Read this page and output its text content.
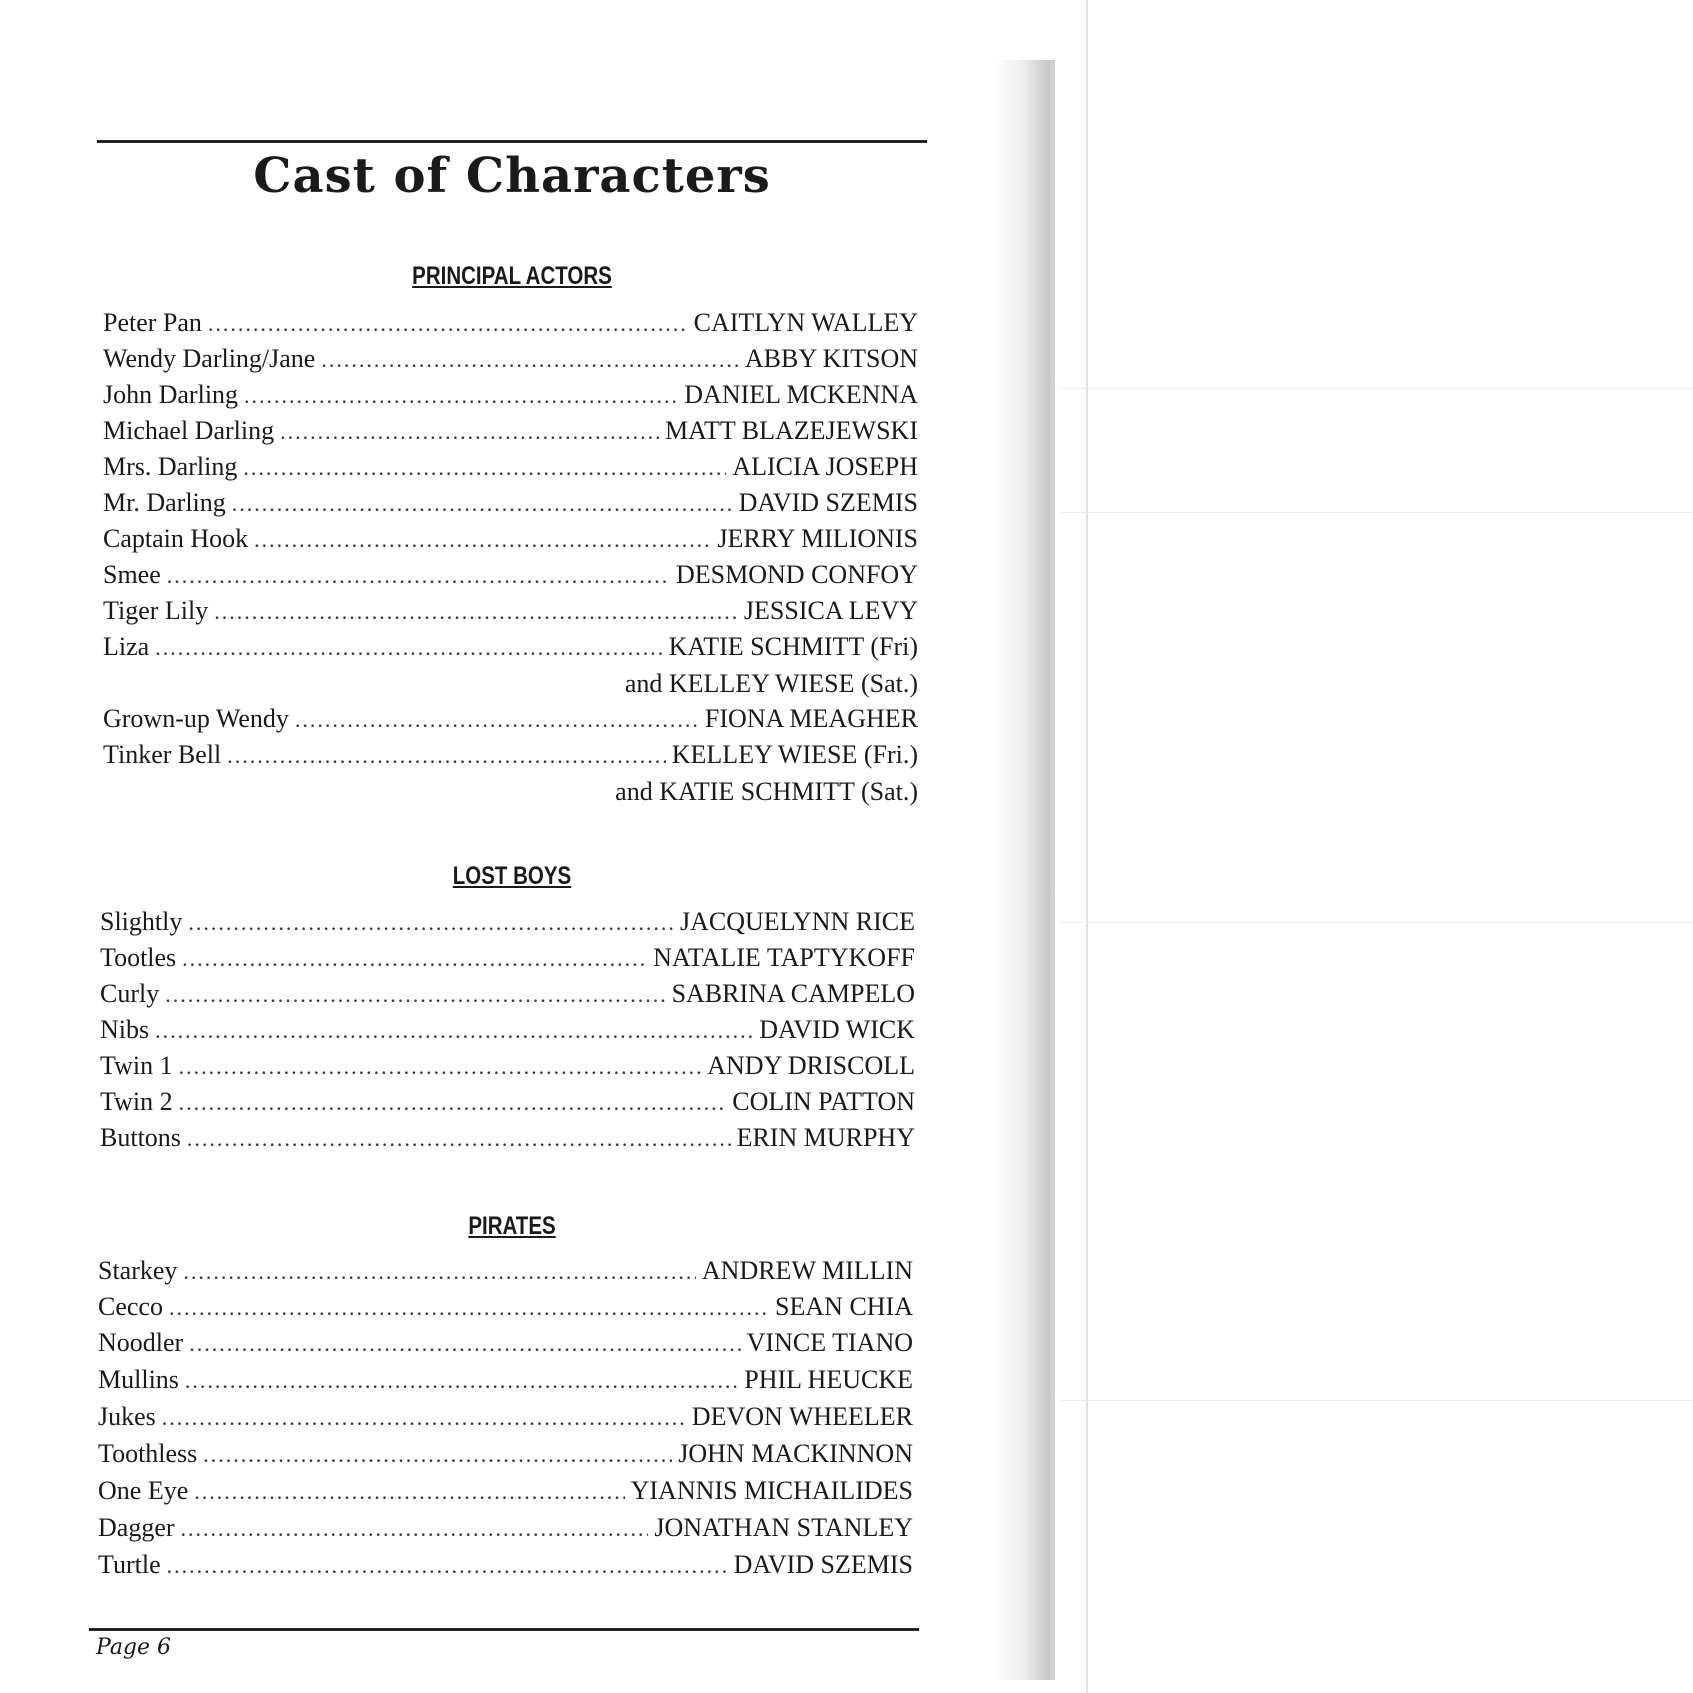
Cast of Characters
PRINCIPAL ACTORS
Peter Pan .....	CAITLYN WALLEY
Wendy Darling/Jane .....	ABBY KITSON
John Darling .....	DANIEL MCKENNA
Michael Darling .....	MATT BLAZEJEWSKI
Mrs. Darling .....	ALICIA JOSEPH
Mr. Darling .....	DAVID SZEMIS
Captain Hook .....	JERRY MILIONIS
Smee .....	DESMOND CONFOY
Tiger Lily .....	JESSICA LEVY
Liza .....	KATIE SCHMITT (Fri)
and KELLEY WIESE (Sat.)
Grown-up Wendy .....	FIONA MEAGHER
Tinker Bell .....	KELLEY WIESE (Fri.)
and KATIE SCHMITT (Sat.)
LOST BOYS
Slightly .....	JACQUELYNN RICE
Tootles .....	NATALIE TAPTYKOFF
Curly .....	SABRINA CAMPELO
Nibs .....	DAVID WICK
Twin 1 .....	ANDY DRISCOLL
Twin 2 .....	COLIN PATTON
Buttons .....	ERIN MURPHY
PIRATES
Starkey .....	ANDREW MILLIN
Cecco .....	SEAN CHIA
Noodler .....	VINCE TIANO
Mullins .....	PHIL HEUCKE
Jukes .....	DEVON WHEELER
Toothless .....	JOHN MACKINNON
One Eye .....	YIANNIS MICHAILIDES
Dagger .....	JONATHAN STANLEY
Turtle .....	DAVID SZEMIS
Page 6
